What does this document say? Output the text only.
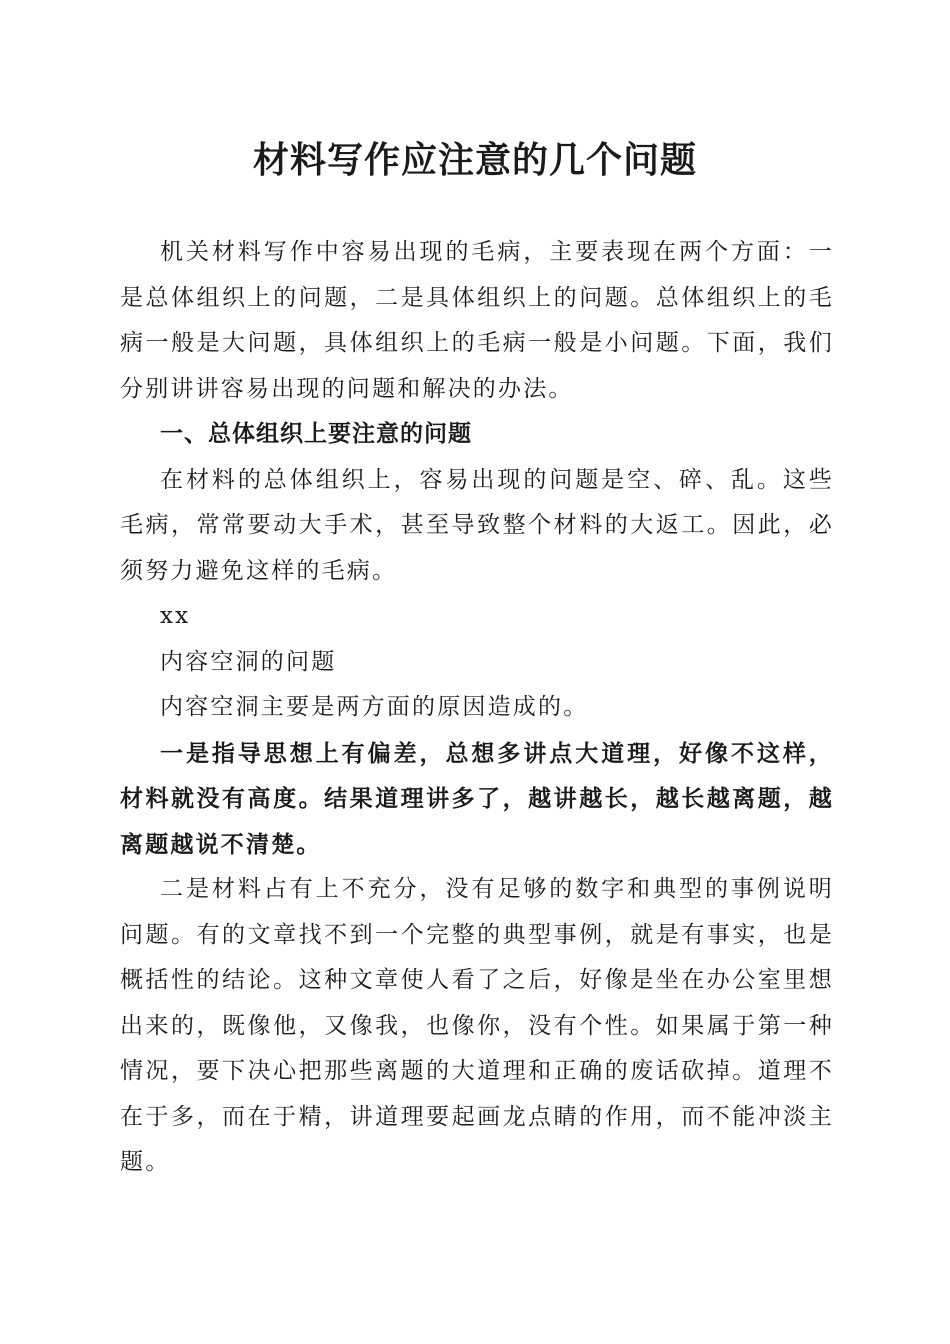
材料写作应注意的几个问题

机关材料写作中容易出现的毛病，主要表现在两个方面：一是总体组织上的问题，二是具体组织上的问题。总体组织上的毛病一般是大问题，具体组织上的毛病一般是小问题。下面，我们分别讲讲容易出现的问题和解决的办法。

一、总体组织上要注意的问题

在材料的总体组织上，容易出现的问题是空、碎、乱。这些毛病，常常要动大手术，甚至导致整个材料的大返工。因此，必须努力避免这样的毛病。

xx

内容空洞的问题

内容空洞主要是两方面的原因造成的。

一是指导思想上有偏差，总想多讲点大道理，好像不这样，材料就没有高度。结果道理讲多了，越讲越长，越长越离题，越离题越说不清楚。

二是材料占有上不充分，没有足够的数字和典型的事例说明问题。有的文章找不到一个完整的典型事例，就是有事实，也是概括性的结论。这种文章使人看了之后，好像是坐在办公室里想出来的，既像他，又像我，也像你，没有个性。如果属于第一种情况，要下决心把那些离题的大道理和正确的废话砍掉。道理不在于多，而在于精，讲道理要起画龙点睛的作用，而不能冲淡主题。
